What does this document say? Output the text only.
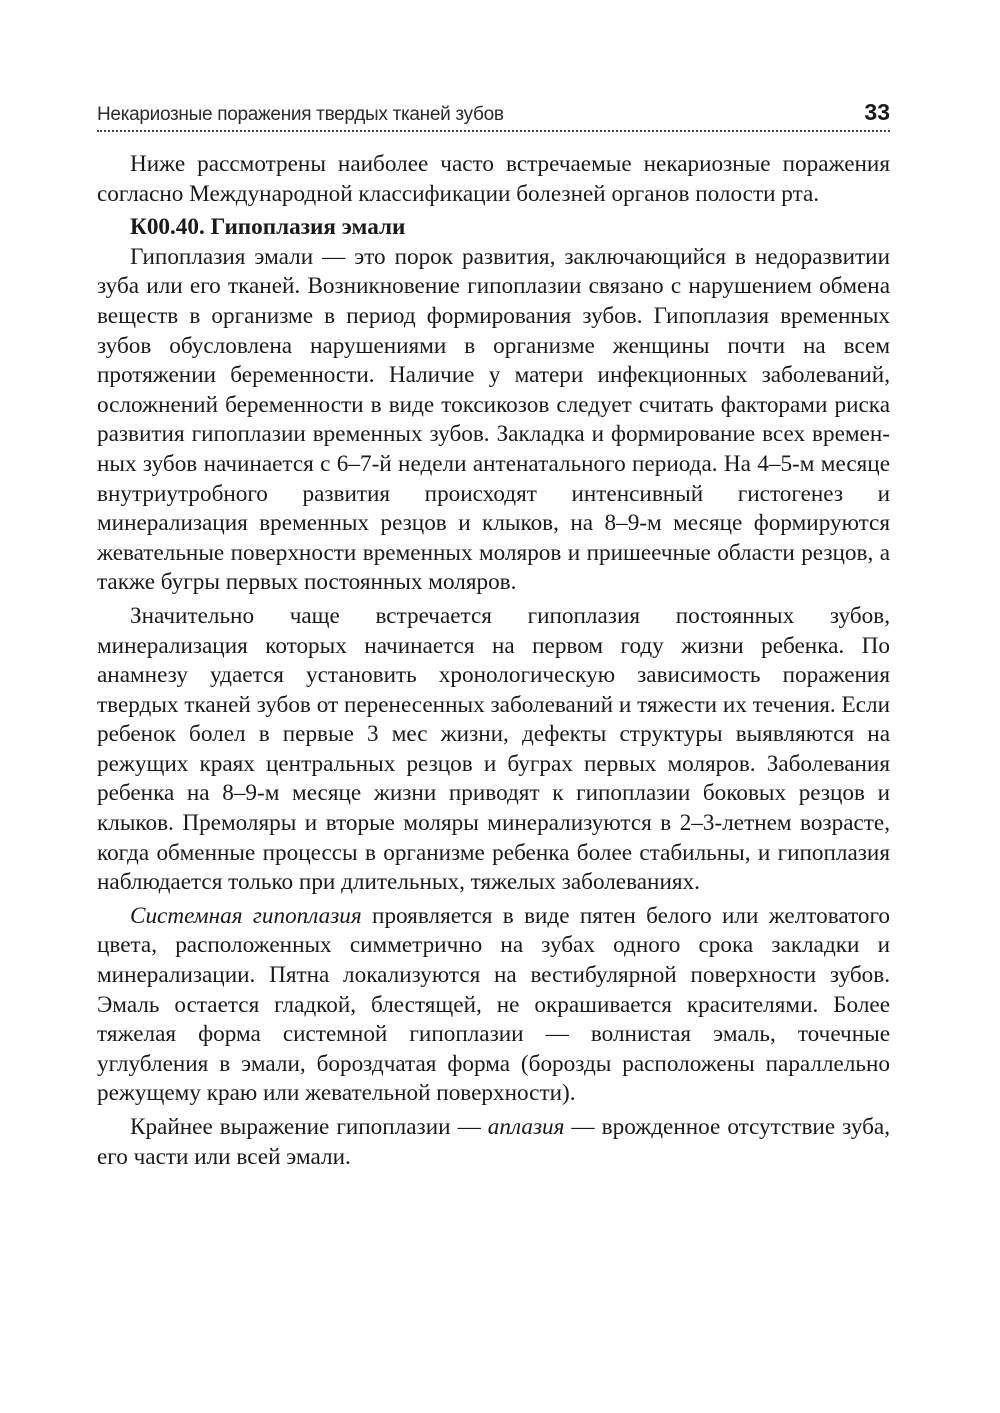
Некариозные поражения твердых тканей зубов	33

Ниже рассмотрены наиболее часто встречаемые некариозные поражения согласно Международной классификации болезней органов полости рта.

К00.40. Гипоплазия эмали

Гипоплазия эмали — это порок развития, заключающийся в недоразвитии зуба или его тканей. Возникновение гипоплазии связано с нарушением обмена веществ в организме в период формирования зубов. Гипоплазия временных зубов обусловлена нарушениями в организме женщины почти на всем протяжении беременности. Наличие у матери инфекционных заболеваний, осложнений беременности в виде токсикозов следует считать факторами риска развития гипоплазии временных зубов. Закладка и формирование всех временных зубов начинается с 6–7-й недели антенатального периода. На 4–5-м месяце внутриутробного развития происходят интенсивный гистогенез и минерализация временных резцов и клыков, на 8–9-м месяце формируются жевательные поверхности временных моляров и пришеечные области резцов, а также бугры первых постоянных моляров.

Значительно чаще встречается гипоплазия постоянных зубов, минерализация которых начинается на первом году жизни ребенка. По анамнезу удается установить хронологическую зависимость поражения твердых тканей зубов от перенесенных заболеваний и тяжести их течения. Если ребенок болел в первые 3 мес жизни, дефекты структуры выявляются на режущих краях центральных резцов и буграх первых моляров. Заболевания ребенка на 8–9-м месяце жизни приводят к гипоплазии боковых резцов и клыков. Премоляры и вторые моляры минерализуются в 2–3-летнем возрасте, когда обменные процессы в организме ребенка более стабильны, и гипоплазия наблюдается только при длительных, тяжелых заболеваниях.

Системная гипоплазия проявляется в виде пятен белого или желтоватого цвета, расположенных симметрично на зубах одного срока закладки и минерализации. Пятна локализуются на вестибулярной поверхности зубов. Эмаль остается гладкой, блестящей, не окрашивается красителями. Более тяжелая форма системной гипоплазии — волнистая эмаль, точечные углубления в эмали, бороздчатая форма (борозды расположены параллельно режущему краю или жевательной поверхности).

Крайнее выражение гипоплазии — аплазия — врожденное отсутствие зуба, его части или всей эмали.
